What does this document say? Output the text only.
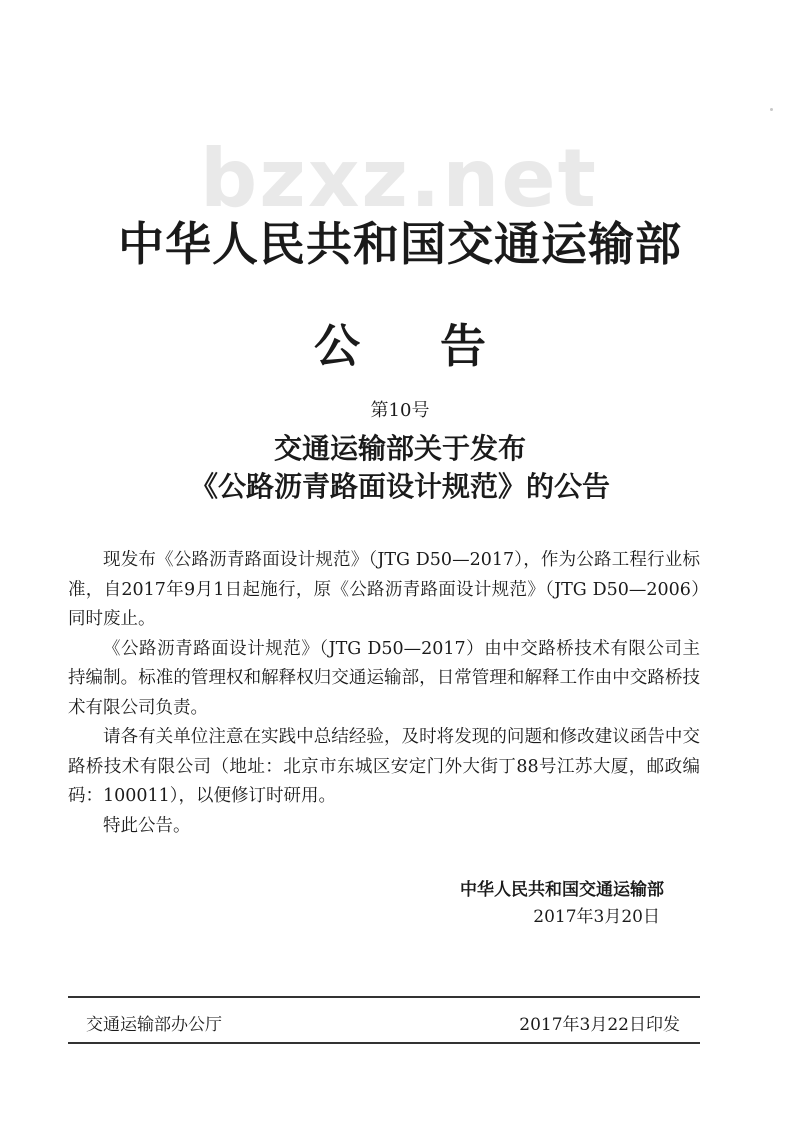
bzxz.net
中华人民共和国交通运输部
公告
第10号
交通运输部关于发布
《公路沥青路面设计规范》的公告

现发布《公路沥青路面设计规范》（JTG D50—2017），作为公路工程行业标准，自2017年9月1日起施行，原《公路沥青路面设计规范》（JTG D50—2006）同时废止。

《公路沥青路面设计规范》（JTG D50—2017）由中交路桥技术有限公司主持编制。标准的管理权和解释权归交通运输部，日常管理和解释工作由中交路桥技术有限公司负责。

请各有关单位注意在实践中总结经验，及时将发现的问题和修改建议函告中交路桥技术有限公司（地址：北京市东城区安定门外大街丁88号江苏大厦，邮政编码：100011），以便修订时研用。

特此公告。

中华人民共和国交通运输部
2017年3月20日
交通运输部办公厅	2017年3月22日印发
